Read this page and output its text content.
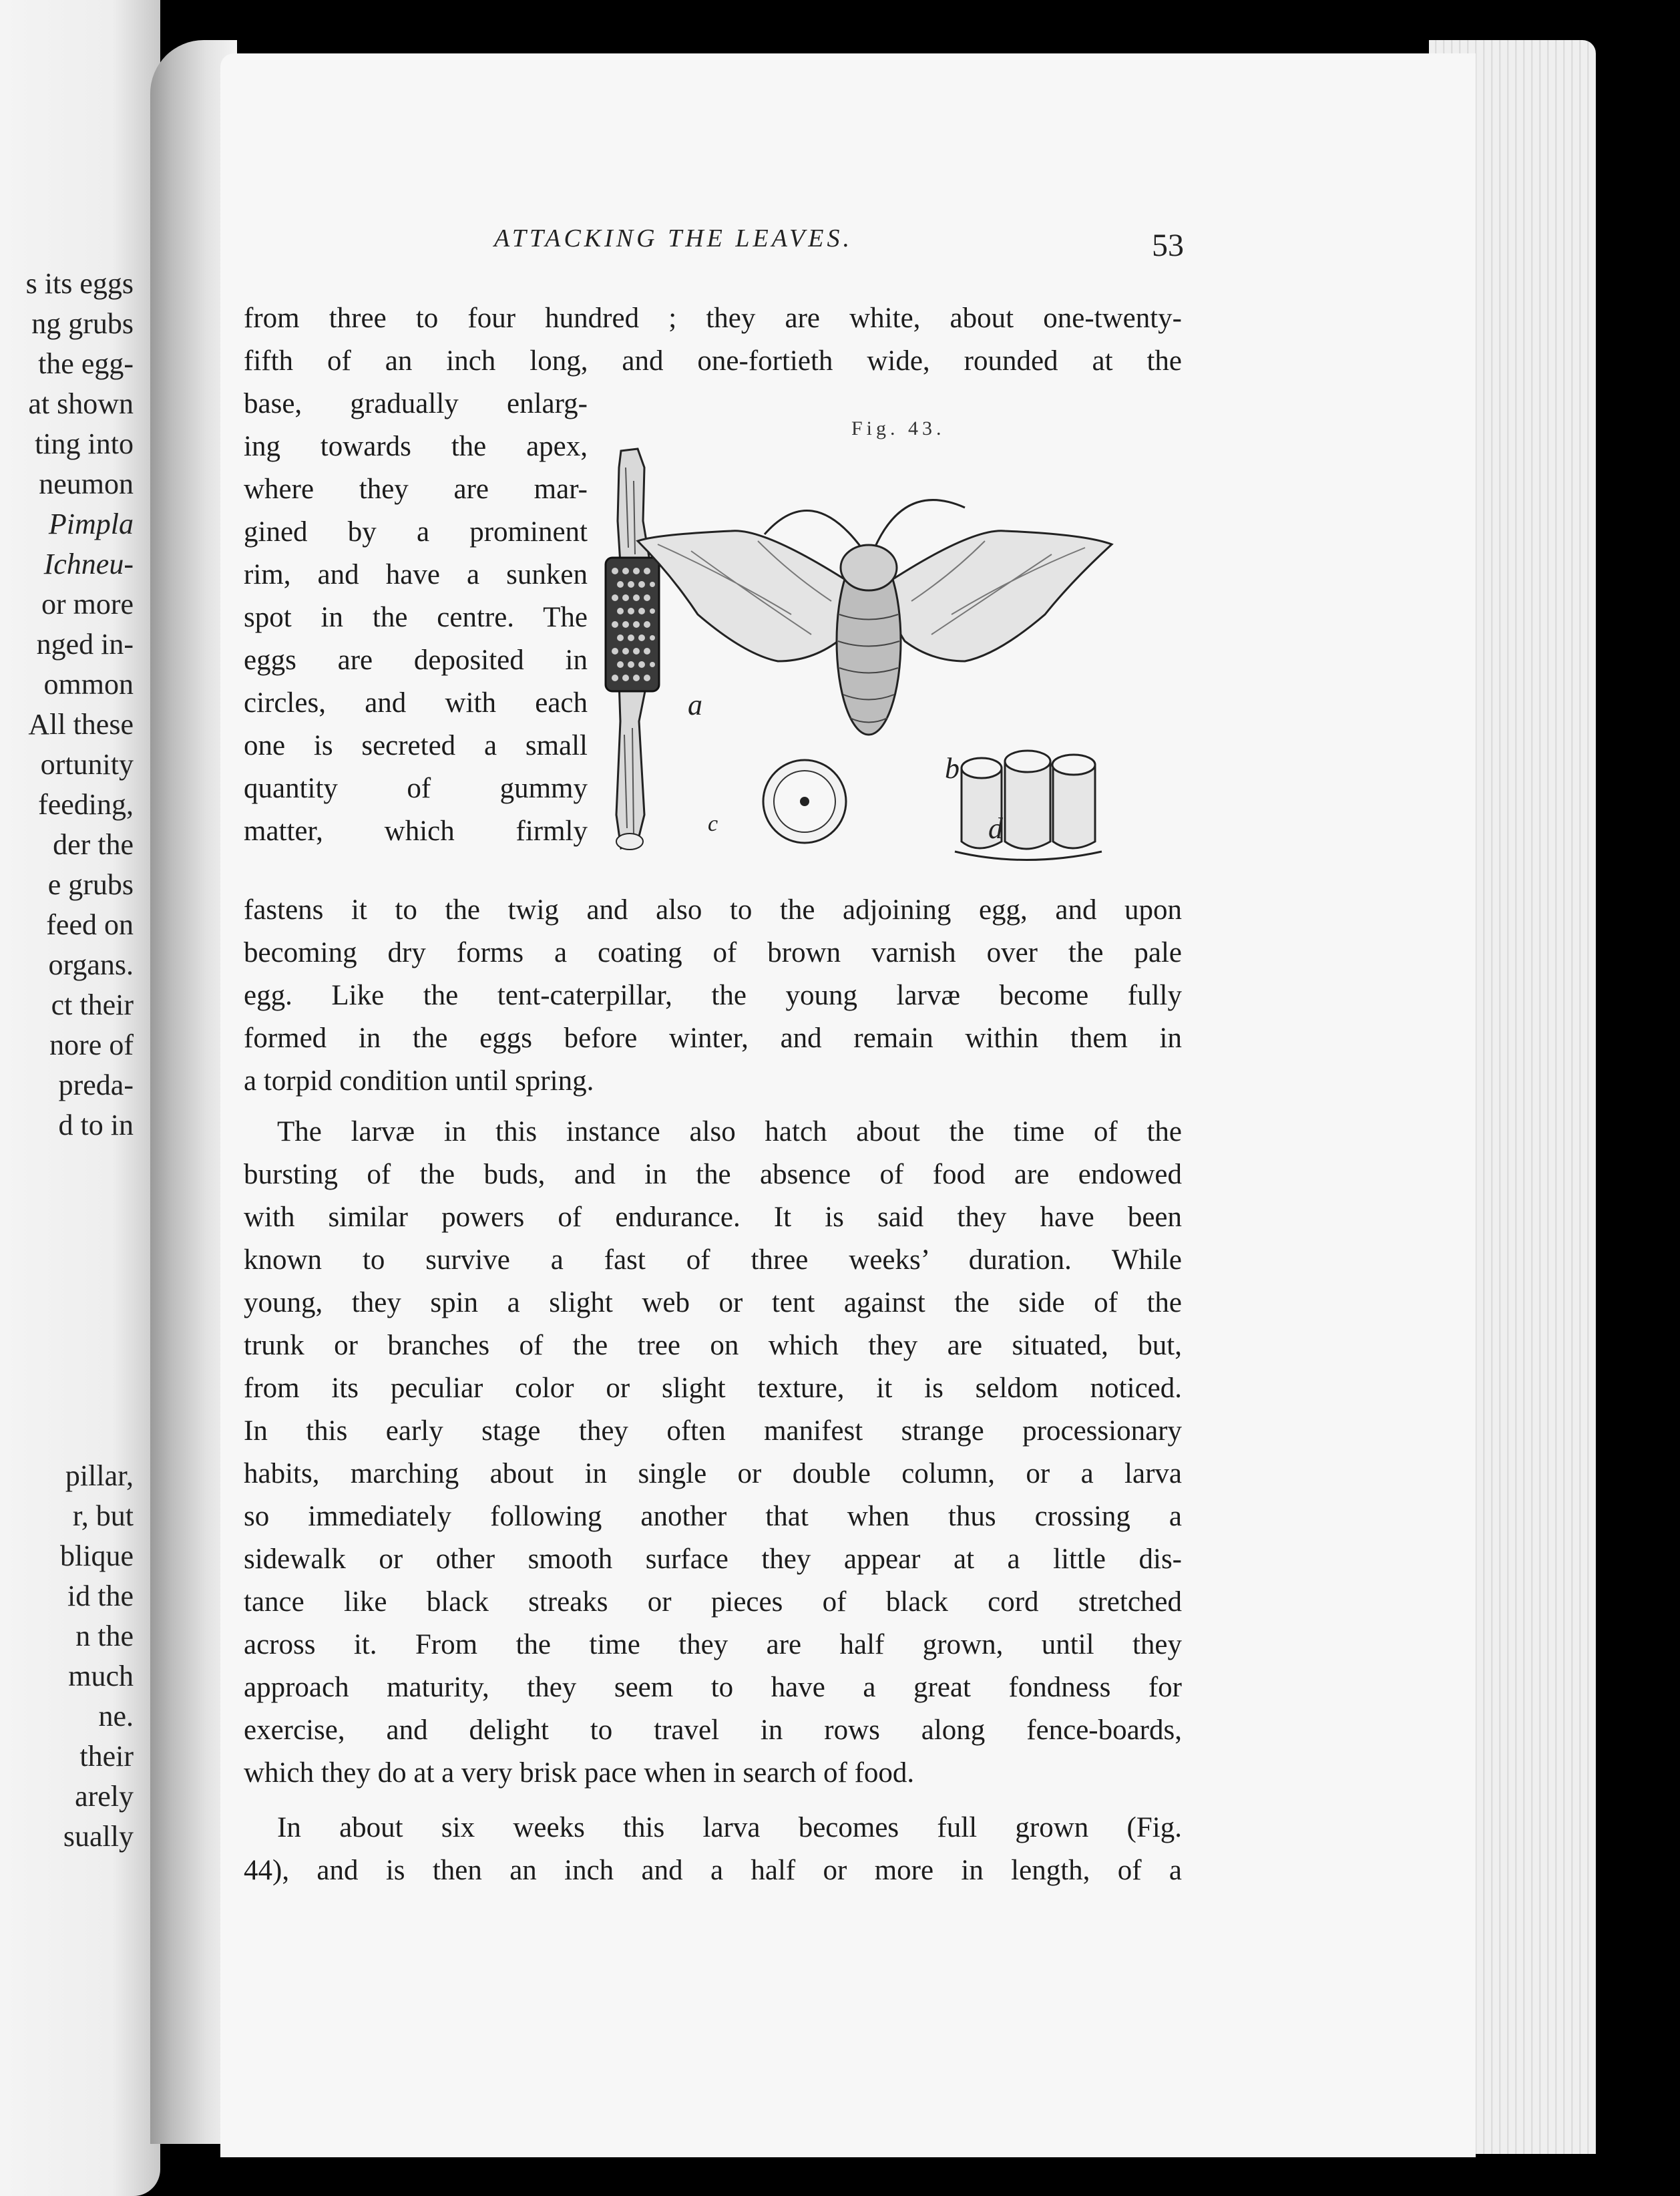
s its eggs
ng grubs
the egg-
at shown
ting into
neumon
Pimpla
Ichneu-
or more
nged in-
ommon
All these
ortunity
feeding,
der the
e grubs
feed on
organs.
ct their
nore of
preda-
d to in
pillar,
r, but
blique
id the
n the
much
ne.
their
arely
sually
ATTACKING THE LEAVES.	53
from three to four hundred ; they are white, about one-twenty-
fifth of an inch long, and one-fortieth wide, rounded at the
base, gradually enlarg-
ing towards the apex,
where they are mar-
gined by a prominent
rim, and have a sunken
spot in the centre. The
eggs are deposited in
circles, and with each
one is secreted a small
quantity of gummy
matter, which firmly
fastens it to the twig and also to the adjoining egg, and upon
becoming dry forms a coating of brown varnish over the pale
egg. Like the tent-caterpillar, the young larvæ become fully
formed in the eggs before winter, and remain within them in
a torpid condition until spring.
The larvæ in this instance also hatch about the time of the
bursting of the buds, and in the absence of food are endowed
with similar powers of endurance. It is said they have been
known to survive a fast of three weeks’ duration. While
young, they spin a slight web or tent against the side of the
trunk or branches of the tree on which they are situated, but,
from its peculiar color or slight texture, it is seldom noticed.
In this early stage they often manifest strange processionary
habits, marching about in single or double column, or a larva
so immediately following another that when thus crossing a
sidewalk or other smooth surface they appear at a little dis-
tance like black streaks or pieces of black cord stretched
across it. From the time they are half grown, until they
approach maturity, they seem to have a great fondness for
exercise, and delight to travel in rows along fence-boards,
which they do at a very brisk pace when in search of food.
In about six weeks this larva becomes full grown (Fig.
44), and is then an inch and a half or more in length, of a
Fig. 43.
a
b
c	d
